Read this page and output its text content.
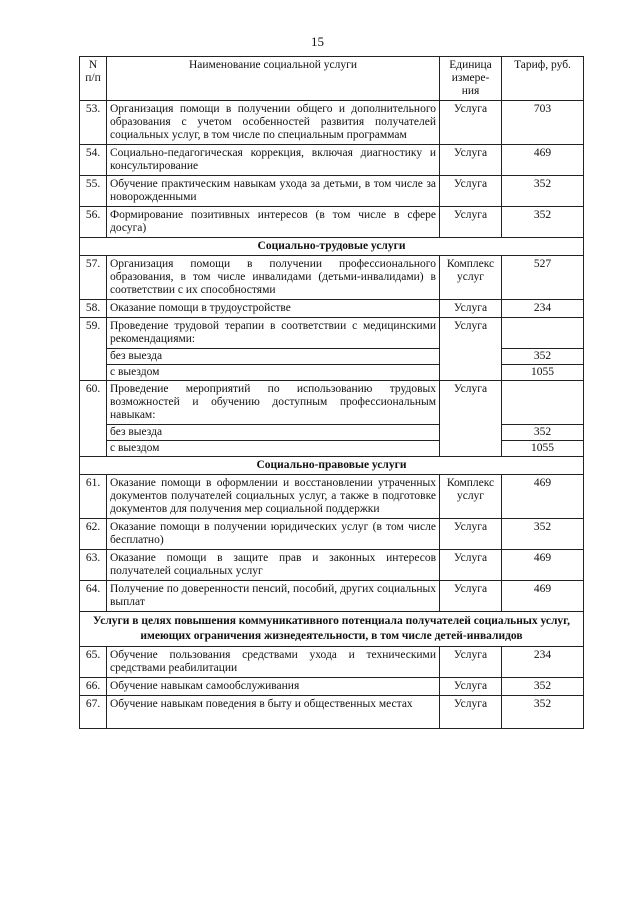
15
N п/п	Наименование социальной услуги	Единица измере-ния	Тариф, руб.
53.	Организация помощи в получении общего и дополнительного образования с учетом особенностей развития получателей социальных услуг, в том числе по специальным программам	Услуга	703
54.	Социально-педагогическая коррекция, включая диагностику и консультирование	Услуга	469
55.	Обучение практическим навыкам ухода за детьми, в том числе за новорожденными	Услуга	352
56.	Формирование позитивных интересов (в том числе в сфере досуга)	Услуга	352
Социально-трудовые услуги			
57.	Организация помощи в получении профессионального образования, в том числе инвалидами (детьми-инвалидами) в соответствии с их способностями	Комплекс услуг	527
58.	Оказание помощи в трудоустройстве	Услуга	234
59.	Проведение трудовой терапии в соответствии с медицинскими рекомендациями:	Услуга	
	без выезда		352
	с выездом		1055
60.	Проведение мероприятий по использованию трудовых возможностей и обучению доступным профессиональным навыкам:	Услуга	
	без выезда		352
	с выездом		1055
Социально-правовые услуги			
61.	Оказание помощи в оформлении и восстановлении утраченных документов получателей социальных услуг, а также в подготовке документов для получения мер социальной поддержки	Комплекс услуг	469
62.	Оказание помощи в получении юридических услуг (в том числе бесплатно)	Услуга	352
63.	Оказание помощи в защите прав и законных интересов получателей социальных услуг	Услуга	469
64.	Получение по доверенности пенсий, пособий, других социальных выплат	Услуга	469
Услуги в целях повышения коммуникативного потенциала получателей социальных услуг, имеющих ограничения жизнедеятельности, в том числе детей-инвалидов			
65.	Обучение пользования средствами ухода и техническими средствами реабилитации	Услуга	234
66.	Обучение навыкам самообслуживания	Услуга	352
67.	Обучение навыкам поведения в быту и общественных местах	Услуга	352
